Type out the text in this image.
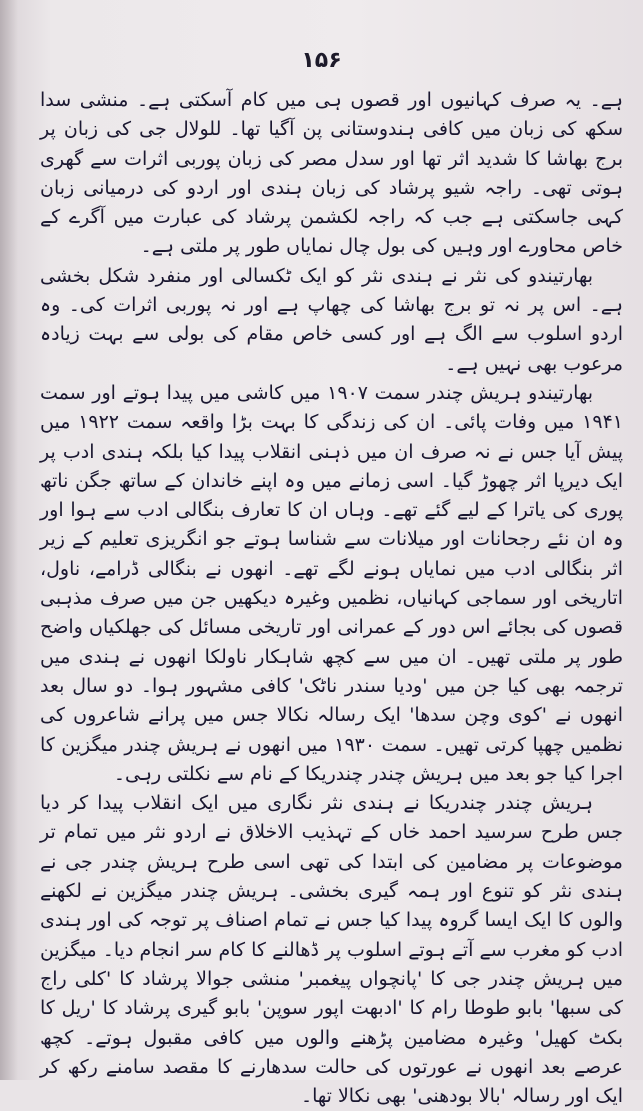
۱۵۶

ہے۔ یہ صرف کہانیوں اور قصوں ہی میں کام آسکتی ہے۔ منشی سدا سکھ کی زبان میں کافی ہندوستانی پن آگیا تھا۔ للولال جی کی زبان پر برج بھاشا کا شدید اثر تھا اور سدل مصر کی زبان پوربی اثرات سے گھری ہوتی تھی۔ راجہ شیو پرشاد کی زبان ہندی اور اردو کی درمیانی زبان کہی جاسکتی ہے جب کہ راجہ لکشمن پرشاد کی عبارت میں آگرے کے خاص محاورے اور وہیں کی بول چال نمایاں طور پر ملتی ہے۔

بھارتیندو کی نثر نے ہندی نثر کو ایک ٹکسالی اور منفرد شکل بخشی ہے۔ اس پر نہ تو برج بھاشا کی چھاپ ہے اور نہ پوربی اثرات کی۔ وہ اردو اسلوب سے الگ ہے اور کسی خاص مقام کی بولی سے بہت زیادہ مرعوب بھی نہیں ہے۔

بھارتیندو ہریش چندر سمت ۱۹۰۷ میں کاشی میں پیدا ہوتے اور سمت ۱۹۴۱ میں وفات پائی۔ ان کی زندگی کا بہت بڑا واقعہ سمت ۱۹۲۲ میں پیش آیا جس نے نہ صرف ان میں ذہنی انقلاب پیدا کیا بلکہ ہندی ادب پر ایک دیرپا اثر چھوڑ گیا۔ اسی زمانے میں وہ اپنے خاندان کے ساتھ جگن ناتھ پوری کی یاترا کے لیے گئے تھے۔ وہاں ان کا تعارف بنگالی ادب سے ہوا اور وہ ان نئے رجحانات اور میلانات سے شناسا ہوتے جو انگریزی تعلیم کے زیر اثر بنگالی ادب میں نمایاں ہونے لگے تھے۔ انھوں نے بنگالی ڈرامے، ناول، اتاریخی اور سماجی کہانیاں، نظمیں وغیرہ دیکھیں جن میں صرف مذہبی قصوں کی بجائے اس دور کے عمرانی اور تاریخی مسائل کی جھلکیاں واضح طور پر ملتی تھیں۔ ان میں سے کچھ شاہکار ناولکا انھوں نے ہندی میں ترجمہ بھی کیا جن میں 'ودیا سندر ناٹک' کافی مشہور ہوا۔ دو سال بعد انھوں نے 'کوی وچن سدھا' ایک رسالہ نکالا جس میں پرانے شاعروں کی نظمیں چھپا کرتی تھیں۔ سمت ۱۹۳۰ میں انھوں نے ہریش چندر میگزین کا اجرا کیا جو بعد میں ہریش چندر چندریکا کے نام سے نکلتی رہی۔

ہریش چندر چندریکا نے ہندی نثر نگاری میں ایک انقلاب پیدا کر دیا جس طرح سرسید احمد خاں کے تہذیب الاخلاق نے اردو نثر میں تمام تر موضوعات پر مضامین کی ابتدا کی تھی اسی طرح ہریش چندر جی نے ہندی نثر کو تنوع اور ہمہ گیری بخشی۔ ہریش چندر میگزین نے لکھنے والوں کا ایک ایسا گروہ پیدا کیا جس نے تمام اصناف پر توجہ کی اور ہندی ادب کو مغرب سے آتے ہوتے اسلوب پر ڈھالنے کا کام سر انجام دیا۔ میگزین میں ہریش چندر جی کا 'پانچواں پیغمبر' منشی جوالا پرشاد کا 'کلی راج کی سبھا' بابو طوطا رام کا 'ادبھت اپور سوپن' بابو گیری پرشاد کا 'ریل کا بکٹ کھیل' وغیرہ مضامین پڑھنے والوں میں کافی مقبول ہوتے۔ کچھ عرصے بعد انھوں نے عورتوں کی حالت سدھارنے کا مقصد سامنے رکھ کر ایک اور رسالہ 'بالا بودھنی' بھی نکالا تھا۔
